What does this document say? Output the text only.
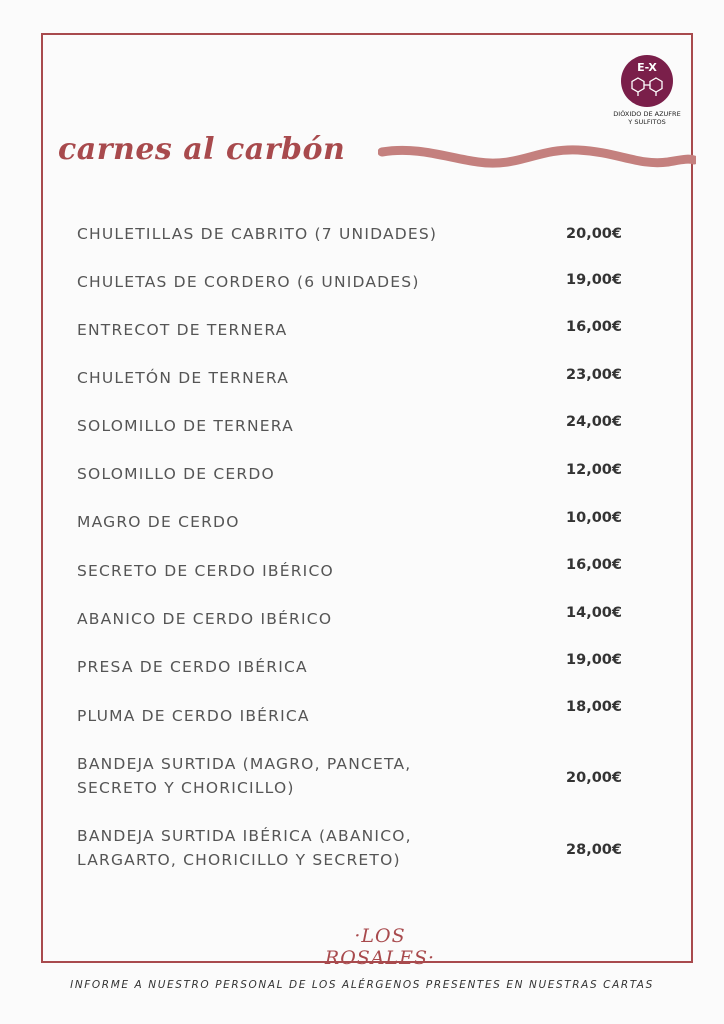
E-X
DIÓXIDO DE AZUFRE
Y SULFITOS
carnes al carbón
CHULETILLAS DE CABRITO (7 UNIDADES)	20,00€
CHULETAS DE CORDERO (6 UNIDADES)	19,00€
ENTRECOT DE TERNERA	16,00€
CHULETÓN DE TERNERA	23,00€
SOLOMILLO DE TERNERA	24,00€
SOLOMILLO DE CERDO	12,00€
MAGRO DE CERDO	10,00€
SECRETO DE CERDO IBÉRICO	16,00€
ABANICO DE CERDO IBÉRICO	14,00€
PRESA DE CERDO IBÉRICA	19,00€
PLUMA DE CERDO IBÉRICA	18,00€
BANDEJA SURTIDA (MAGRO, PANCETA,
SECRETO Y CHORICILLO)
20,00€
BANDEJA SURTIDA IBÉRICA (ABANICO,
LARGARTO, CHORICILLO Y SECRETO)
28,00€
·LOS ROSALES·
INFORME A NUESTRO PERSONAL DE LOS ALÉRGENOS PRESENTES EN NUESTRAS CARTAS
